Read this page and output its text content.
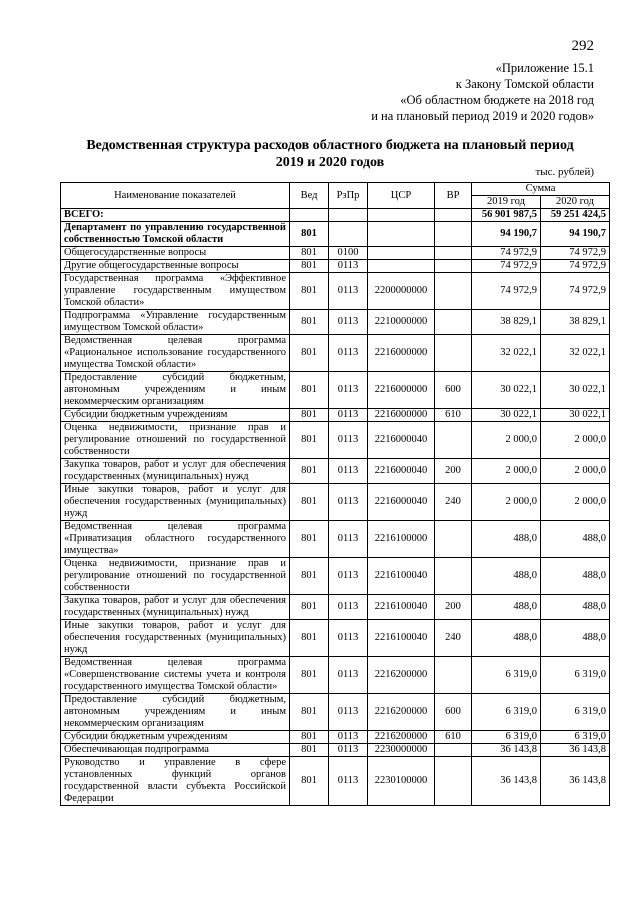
292
«Приложение 15.1
к Закону Томской области
«Об областном бюджете на 2018 год
и на плановый период 2019 и 2020 годов»
Ведомственная структура расходов областного бюджета на плановый период
2019 и 2020 годов
тыс. рублей)
Наименование показателей	Вед	РзПр	ЦСР	ВР	Сумма	
					2019 год	2020 год
ВСЕГО:					56 901 987,5	59 251 424,5
Департамент по управлению государственной собственностью Томской области	801				94 190,7	94 190,7
Общегосударственные вопросы	801	0100			74 972,9	74 972,9
Другие общегосударственные вопросы	801	0113			74 972,9	74 972,9
Государственная программа «Эффективное управление государственным имуществом Томской области»	801	0113	2200000000		74 972,9	74 972,9
Подпрограмма «Управление государственным имуществом Томской области»	801	0113	2210000000		38 829,1	38 829,1
Ведомственная целевая программа «Рациональное использование государственного имущества Томской области»	801	0113	2216000000		32 022,1	32 022,1
Предоставление субсидий бюджетным, автономным учреждениям и иным некоммерческим организациям	801	0113	2216000000	600	30 022,1	30 022,1
Субсидии бюджетным учреждениям	801	0113	2216000000	610	30 022,1	30 022,1
Оценка недвижимости, признание прав и регулирование отношений по государственной собственности	801	0113	2216000040		2 000,0	2 000,0
Закупка товаров, работ и услуг для обеспечения государственных (муниципальных) нужд	801	0113	2216000040	200	2 000,0	2 000,0
Иные закупки товаров, работ и услуг для обеспечения государственных (муниципальных) нужд	801	0113	2216000040	240	2 000,0	2 000,0
Ведомственная целевая программа «Приватизация областного государственного имущества»	801	0113	2216100000		488,0	488,0
Оценка недвижимости, признание прав и регулирование отношений по государственной собственности	801	0113	2216100040		488,0	488,0
Закупка товаров, работ и услуг для обеспечения государственных (муниципальных) нужд	801	0113	2216100040	200	488,0	488,0
Иные закупки товаров, работ и услуг для обеспечения государственных (муниципальных) нужд	801	0113	2216100040	240	488,0	488,0
Ведомственная целевая программа «Совершенствование системы учета и контроля государственного имущества Томской области»	801	0113	2216200000		6 319,0	6 319,0
Предоставление субсидий бюджетным, автономным учреждениям и иным некоммерческим организациям	801	0113	2216200000	600	6 319,0	6 319,0
Субсидии бюджетным учреждениям	801	0113	2216200000	610	6 319,0	6 319,0
Обеспечивающая подпрограмма	801	0113	2230000000		36 143,8	36 143,8
Руководство и управление в сфере установленных функций органов государственной власти субъекта Российской Федерации	801	0113	2230100000		36 143,8	36 143,8
